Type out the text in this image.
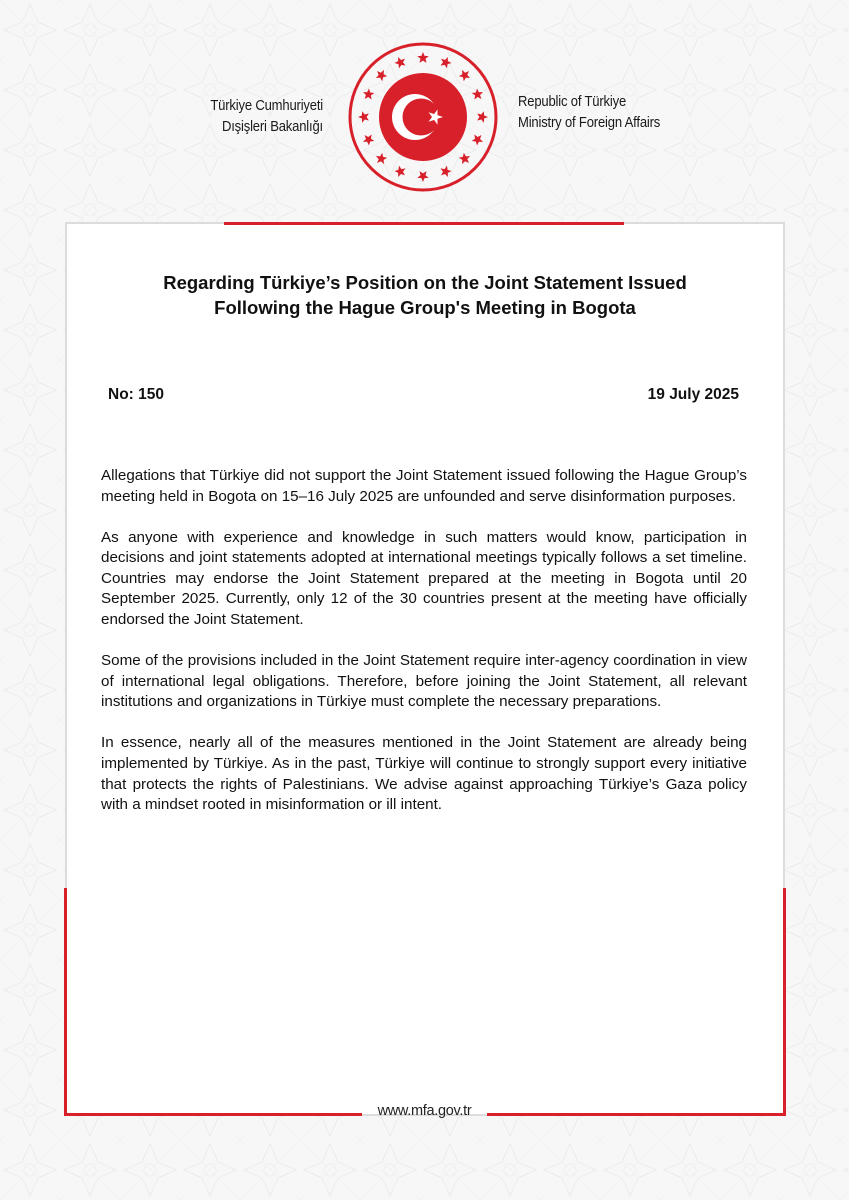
Türkiye Cumhuriyeti
Dışişleri Bakanlığı
Republic of Türkiye
Ministry of Foreign Affairs
Regarding Türkiye’s Position on the Joint Statement Issued
Following the Hague Group's Meeting in Bogota
No: 150	19 July 2025

Allegations that Türkiye did not support the Joint Statement issued following the Hague Group’s meeting held in Bogota on 15–16 July 2025 are unfounded and serve disinformation purposes.

As anyone with experience and knowledge in such matters would know, participation in decisions and joint statements adopted at international meetings typically follows a set timeline. Countries may endorse the Joint Statement prepared at the meeting in Bogota until 20 September 2025. Currently, only 12 of the 30 countries present at the meeting have officially endorsed the Joint Statement.

Some of the provisions included in the Joint Statement require inter-agency coordination in view of international legal obligations. Therefore, before joining the Joint Statement, all relevant institutions and organizations in Türkiye must complete the necessary preparations.

In essence, nearly all of the measures mentioned in the Joint Statement are already being implemented by Türkiye. As in the past, Türkiye will continue to strongly support every initiative that protects the rights of Palestinians. We advise against approaching Türkiye’s Gaza policy with a mindset rooted in misinformation or ill intent.

www.mfa.gov.tr
